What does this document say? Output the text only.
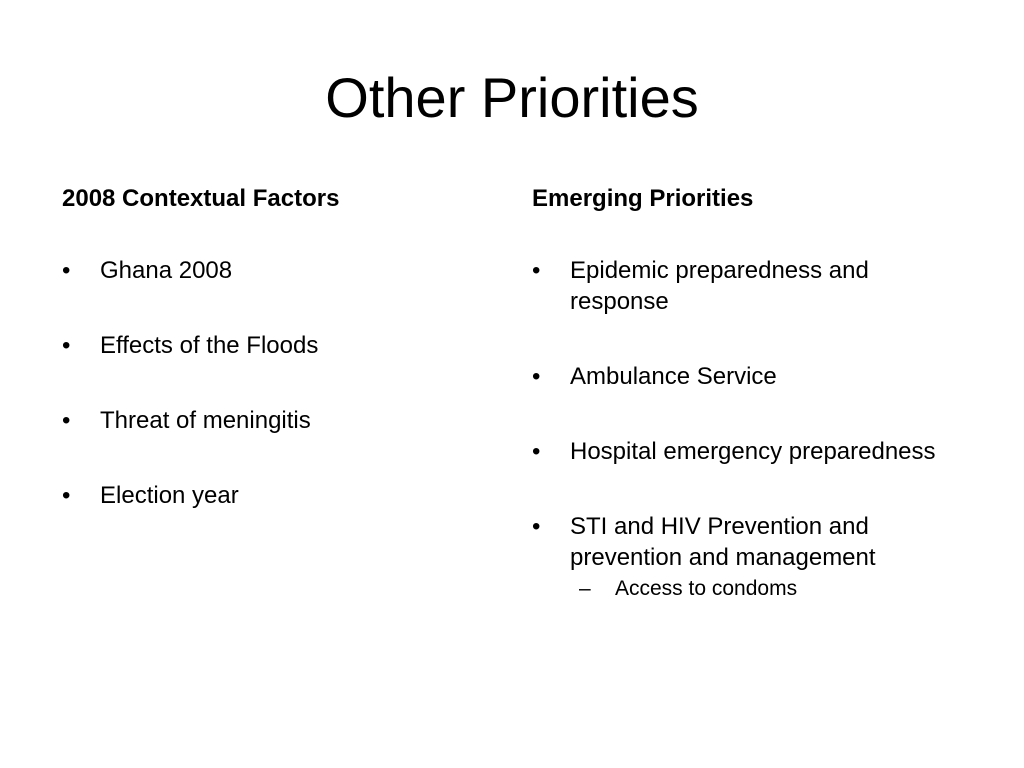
Other Priorities
2008 Contextual Factors
• Ghana 2008
• Effects of the Floods
• Threat of meningitis
• Election year
Emerging Priorities
• Epidemic preparedness and response
• Ambulance Service
• Hospital emergency preparedness
• STI and HIV Prevention and prevention and management
– Access to condoms
